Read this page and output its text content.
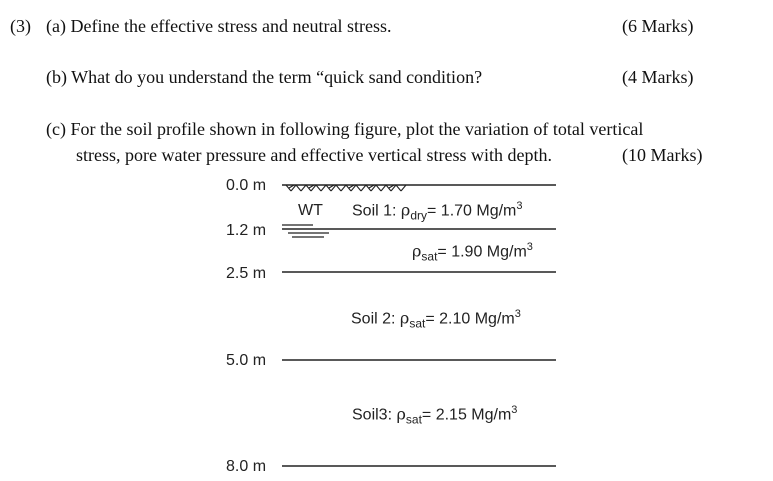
(3) (a) Define the effective stress and neutral stress.	(6 Marks)
(b) What do you understand the term “quick sand condition?	(4 Marks)
(c) For the soil profile shown in following figure, plot the variation of total vertical
stress, pore water pressure and effective vertical stress with depth.	(10 Marks)
0.0 m
1.2 m
2.5 m
5.0 m
8.0 m
WT Soil 1: $\rho_{dry}= 1.70$ $Mg/m^3$
$\rho_{sat}= 1.90$ $Mg/m^3$
Soil 2: $\rho_{sat}= 2.10$ $Mg/m^3$
Soil3: $\rho_{sat}= 2.15$ $Mg/m^3$
